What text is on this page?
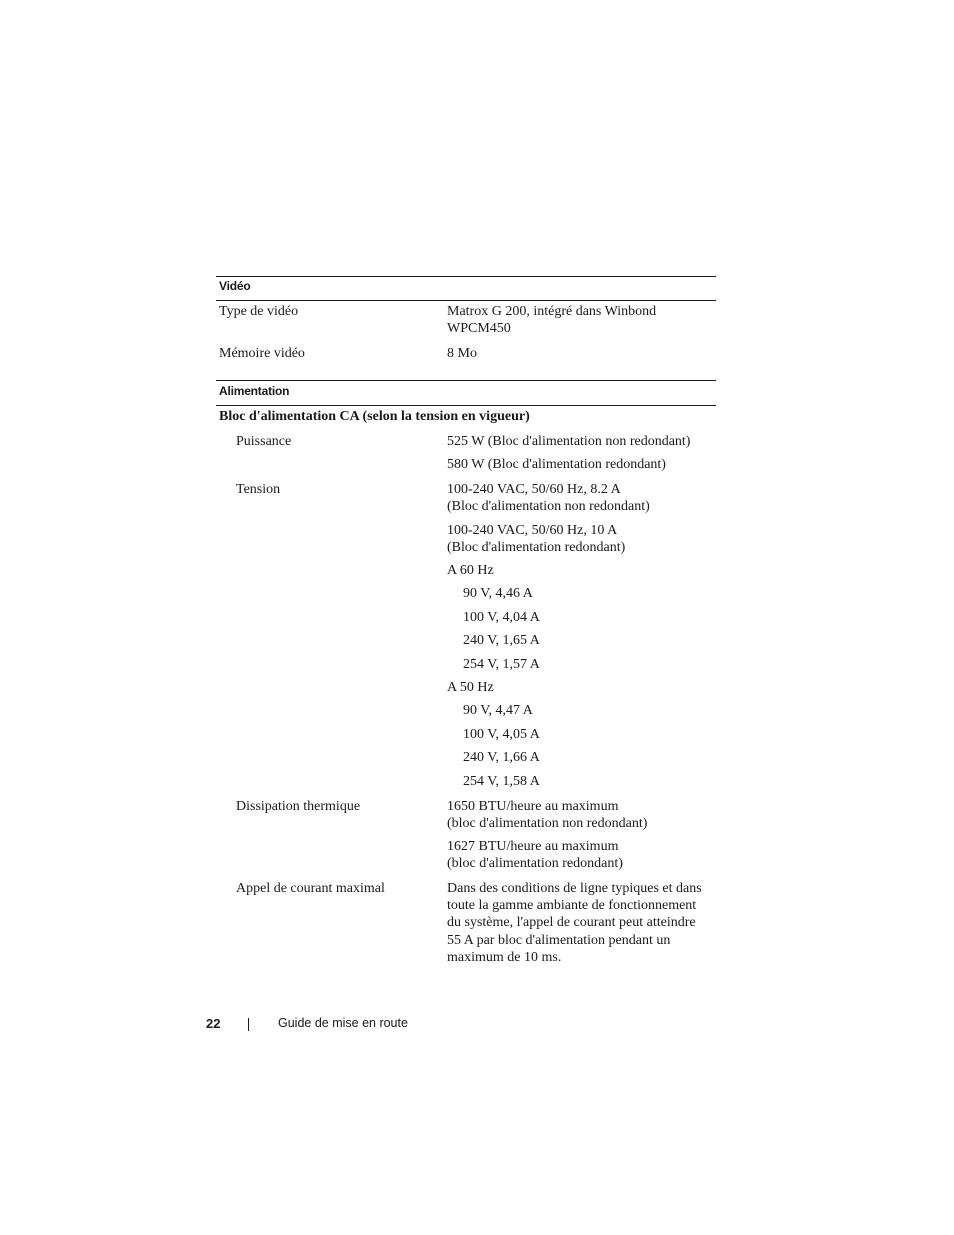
Vidéo
Type de vidéo	Matrox G 200, intégré dans Winbond
WPCM450
Mémoire vidéo	8 Mo
Alimentation
Bloc d'alimentation CA (selon la tension en vigueur)
Puissance	525 W (Bloc d'alimentation non redondant)
580 W (Bloc d'alimentation redondant)
Tension	100-240 VAC, 50/60 Hz, 8.2 A
(Bloc d'alimentation non redondant)
100-240 VAC, 50/60 Hz, 10 A
(Bloc d'alimentation redondant)
A 60 Hz
90 V, 4,46 A
100 V, 4,04 A
240 V, 1,65 A
254 V, 1,57 A
A 50 Hz
90 V, 4,47 A
100 V, 4,05 A
240 V, 1,66 A
254 V, 1,58 A
Dissipation thermique	1650 BTU/heure au maximum
(bloc d'alimentation non redondant)
1627 BTU/heure au maximum
(bloc d'alimentation redondant)
Appel de courant maximal	Dans des conditions de ligne typiques et dans
toute la gamme ambiante de fonctionnement
du système, l'appel de courant peut atteindre
55 A par bloc d'alimentation pendant un
maximum de 10 ms.
22	Guide de mise en route
